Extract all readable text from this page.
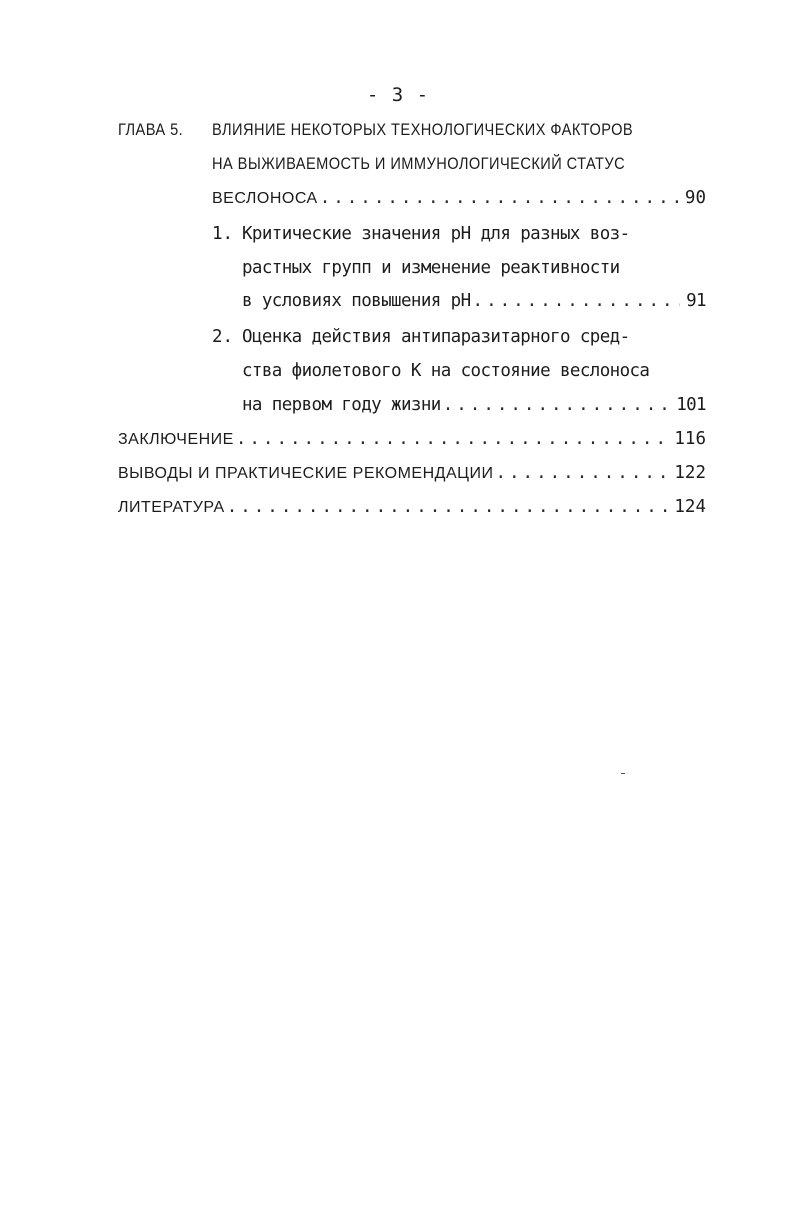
- 3 -
ГЛАВА 5. ВЛИЯНИЕ НЕКОТОРЫХ ТЕХНОЛОГИЧЕСКИХ ФАКТОРОВ
НА ВЫЖИВАЕМОСТЬ И ИММУНОЛОГИЧЕСКИЙ СТАТУС
ВЕСЛОНОСА .....	90
1. Критические значения pH для разных воз-
растных групп и изменение реактивности
в условиях повышения pH .....	91
2. Оценка действия антипаразитарного сред-
ства фиолетового К на состояние веслоноса
на первом году жизни .....	101
ЗАКЛЮЧЕНИЕ .....	116
ВЫВОДЫ И ПРАКТИЧЕСКИЕ РЕКОМЕНДАЦИИ .....	122
ЛИТЕРАТУРА .....	124
